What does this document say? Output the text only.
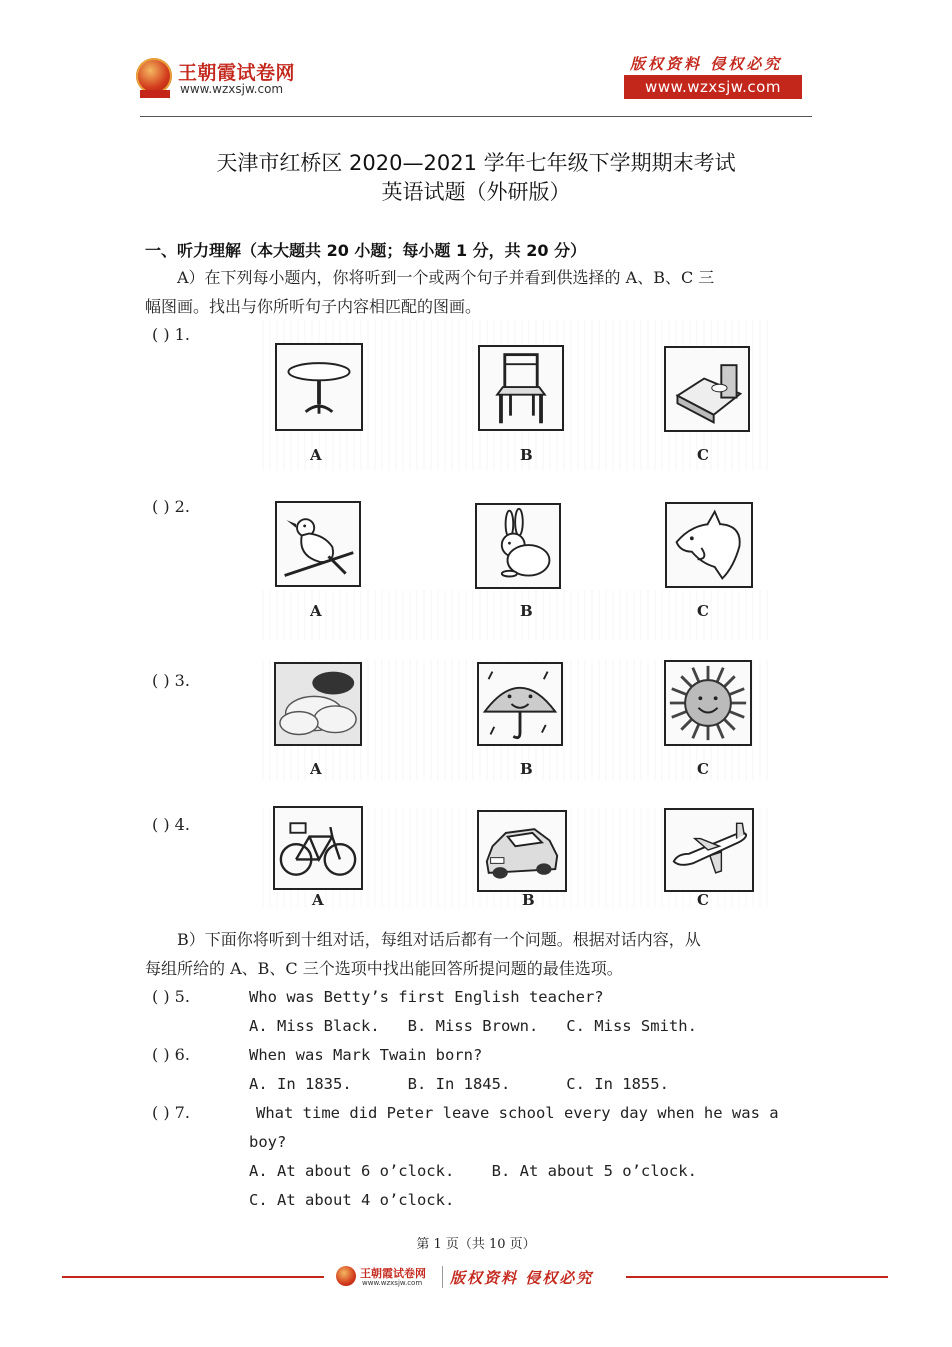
王朝霞试卷网
www.wzxsjw.com
版权资料 侵权必究
www.wzxsjw.com
天津市红桥区 2020—2021 学年七年级下学期期末考试
英语试题（外研版）
一、听力理解（本大题共 20 小题；每小题 1 分，共 20 分）
A）在下列每小题内，你将听到一个或两个句子并看到供选择的 A、B、C 三
幅图画。找出与你所听句子内容相匹配的图画。
( ) 1.
A	B	C
( ) 2.
A	B	C
( ) 3.
A	B	C
( ) 4.
A	B	C
B）下面你将听到十组对话，每组对话后都有一个问题。根据对话内容，从
每组所给的 A、B、C 三个选项中找出能回答所提问题的最佳选项。
( ) 5.	Who was Betty’s first English teacher?
A. Miss Black.   B. Miss Brown.   C. Miss Smith.
( ) 6.	When was Mark Twain born?
A. In 1835.      B. In 1845.      C. In 1855.
( ) 7.	What time did Peter leave school every day when he was a
boy?
A. At about 6 o’clock.    B. At about 5 o’clock.
C. At about 4 o’clock.
第 1 页（共 10 页）
王朝霞试卷网
www.wzxsjw.com 版权资料 侵权必究
